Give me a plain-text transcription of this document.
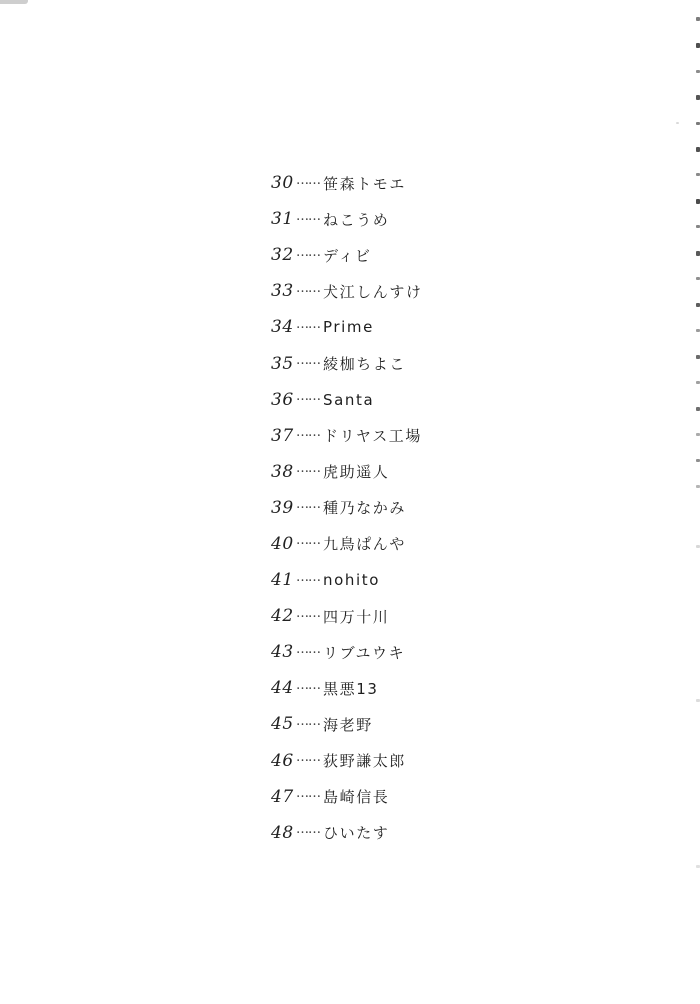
30 …… 笹森トモエ
31 …… ねこうめ
32 …… ディビ
33 …… 犬江しんすけ
34 …… Prime
35 …… 綾枷ちよこ
36 …… Santa
37 …… ドリヤス工場
38 …… 虎助遥人
39 …… 種乃なかみ
40 …… 九鳥ぱんや
41 …… nohito
42 …… 四万十川
43 …… リブユウキ
44 …… 黒悪13
45 …… 海老野
46 …… 荻野謙太郎
47 …… 島崎信長
48 …… ひいたす
